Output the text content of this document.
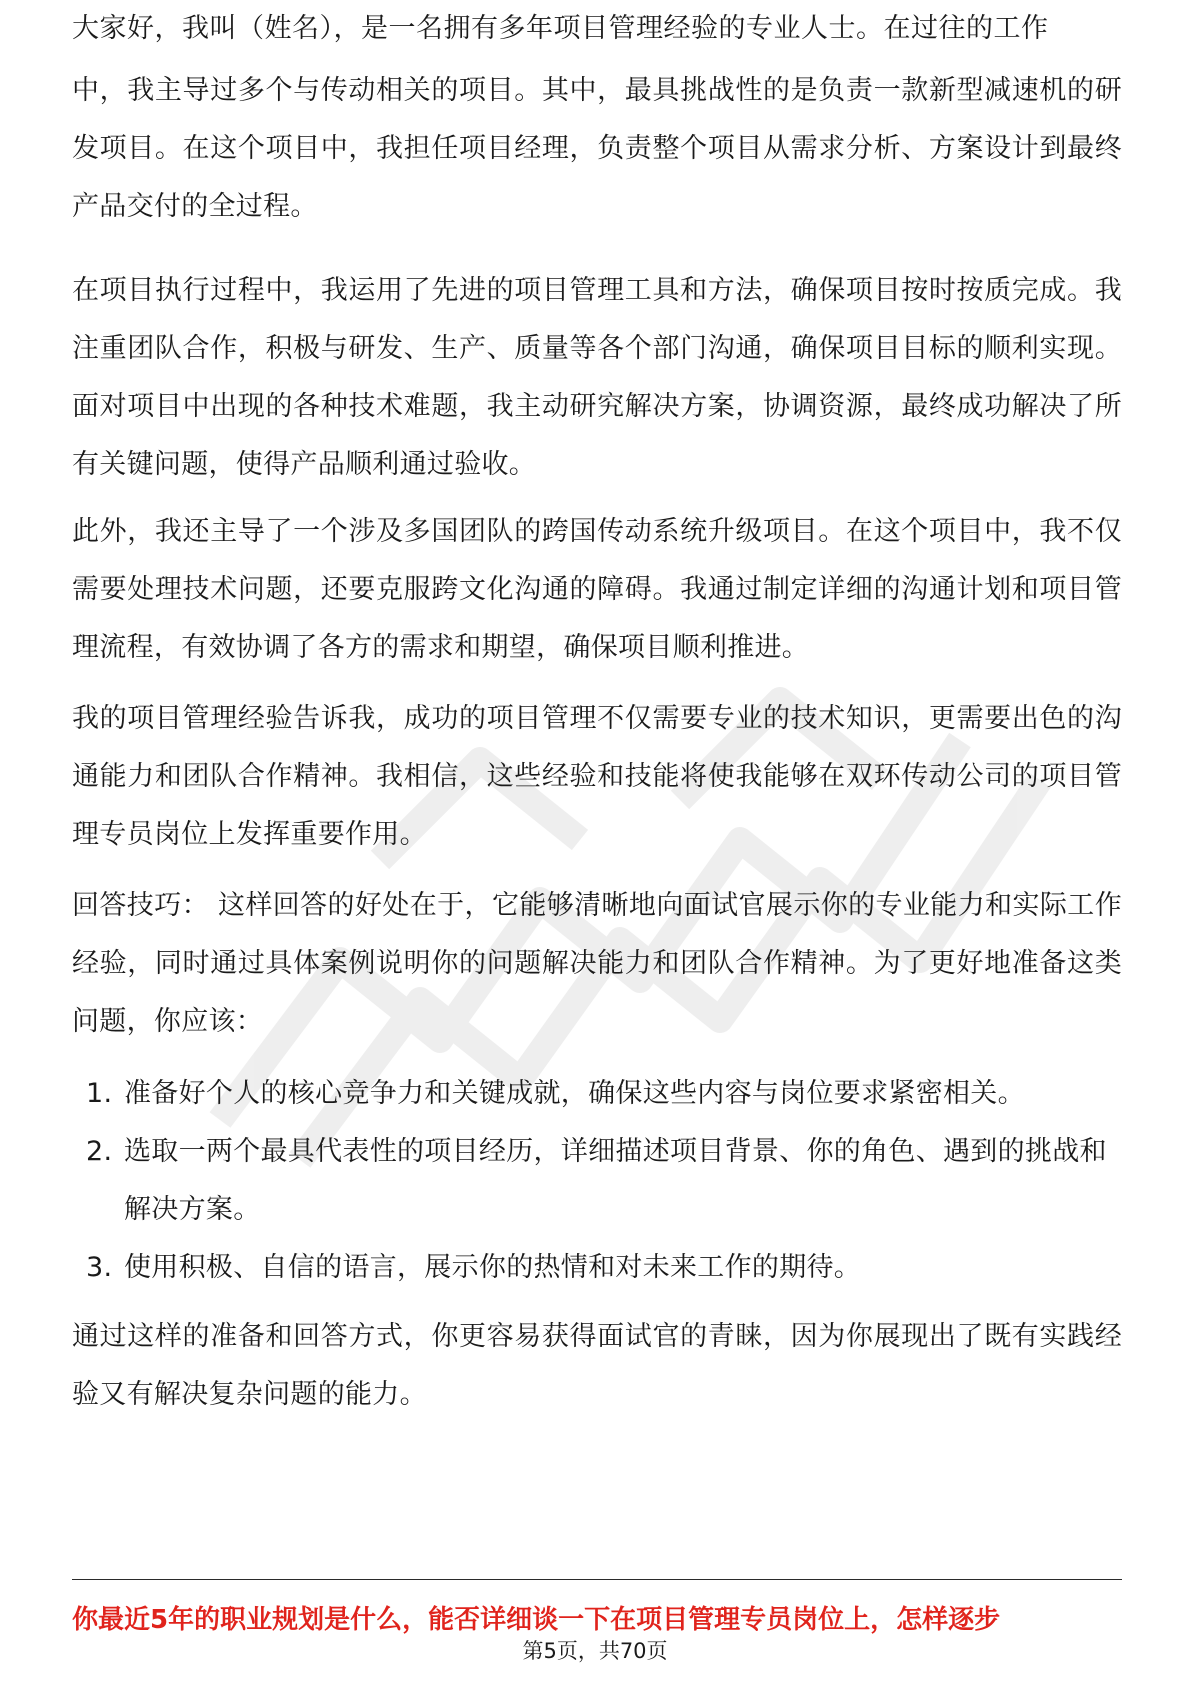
大家好，我叫（姓名），是一名拥有多年项目管理经验的专业人士。在过往的工作

中，我主导过多个与传动相关的项目。其中，最具挑战性的是负责一款新型减速机的研发项目。在这个项目中，我担任项目经理，负责整个项目从需求分析、方案设计到最终产品交付的全过程。

在项目执行过程中，我运用了先进的项目管理工具和方法，确保项目按时按质完成。我注重团队合作，积极与研发、生产、质量等各个部门沟通，确保项目目标的顺利实现。面对项目中出现的各种技术难题，我主动研究解决方案，协调资源，最终成功解决了所有关键问题，使得产品顺利通过验收。

此外，我还主导了一个涉及多国团队的跨国传动系统升级项目。在这个项目中，我不仅需要处理技术问题，还要克服跨文化沟通的障碍。我通过制定详细的沟通计划和项目管理流程，有效协调了各方的需求和期望，确保项目顺利推进。

我的项目管理经验告诉我，成功的项目管理不仅需要专业的技术知识，更需要出色的沟通能力和团队合作精神。我相信，这些经验和技能将使我能够在双环传动公司的项目管理专员岗位上发挥重要作用。

回答技巧： 这样回答的好处在于，它能够清晰地向面试官展示你的专业能力和实际工作经验，同时通过具体案例说明你的问题解决能力和团队合作精神。为了更好地准备这类问题，你应该：

1. 准备好个人的核心竞争力和关键成就，确保这些内容与岗位要求紧密相关。
2. 选取一两个最具代表性的项目经历，详细描述项目背景、你的角色、遇到的挑战和解决方案。
3. 使用积极、自信的语言，展示你的热情和对未来工作的期待。

通过这样的准备和回答方式，你更容易获得面试官的青睐，因为你展现出了既有实践经验又有解决复杂问题的能力。

你最近5年的职业规划是什么，能否详细谈一下在项目管理专员岗位上，怎样逐步

第5页，共70页
